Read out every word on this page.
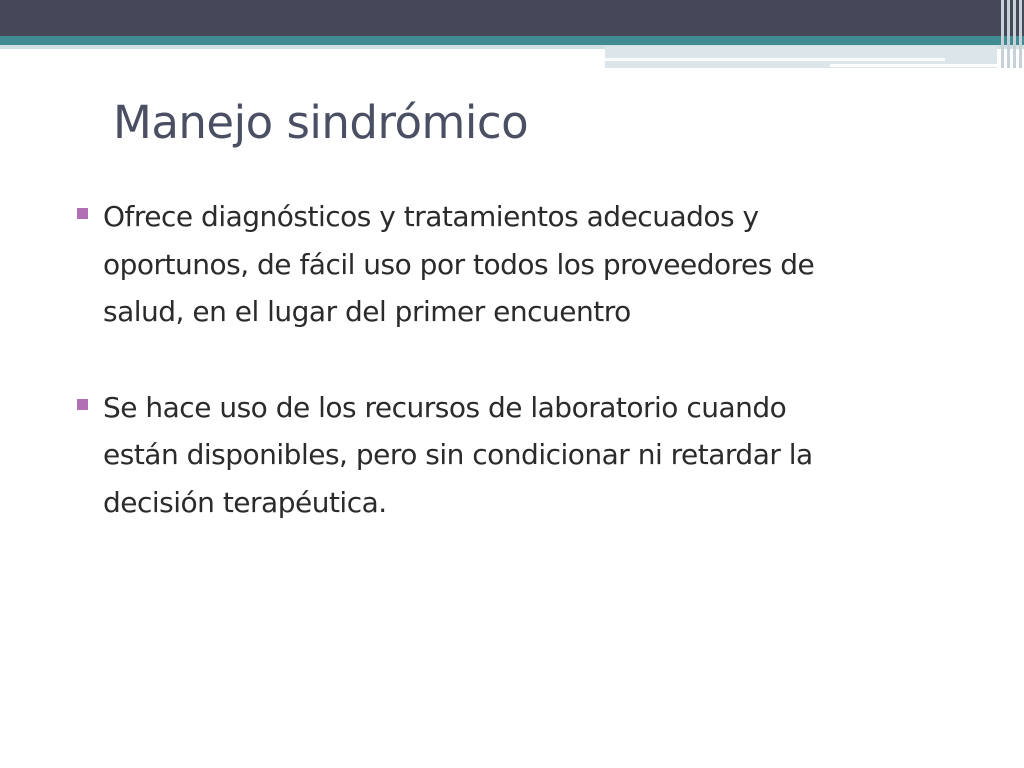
Manejo sindrómico
Ofrece diagnósticos y tratamientos adecuados y
oportunos, de fácil uso por todos los proveedores de
salud, en el lugar del primer encuentro
Se hace uso de los recursos de laboratorio cuando
están disponibles, pero sin condicionar ni retardar la
decisión terapéutica.
